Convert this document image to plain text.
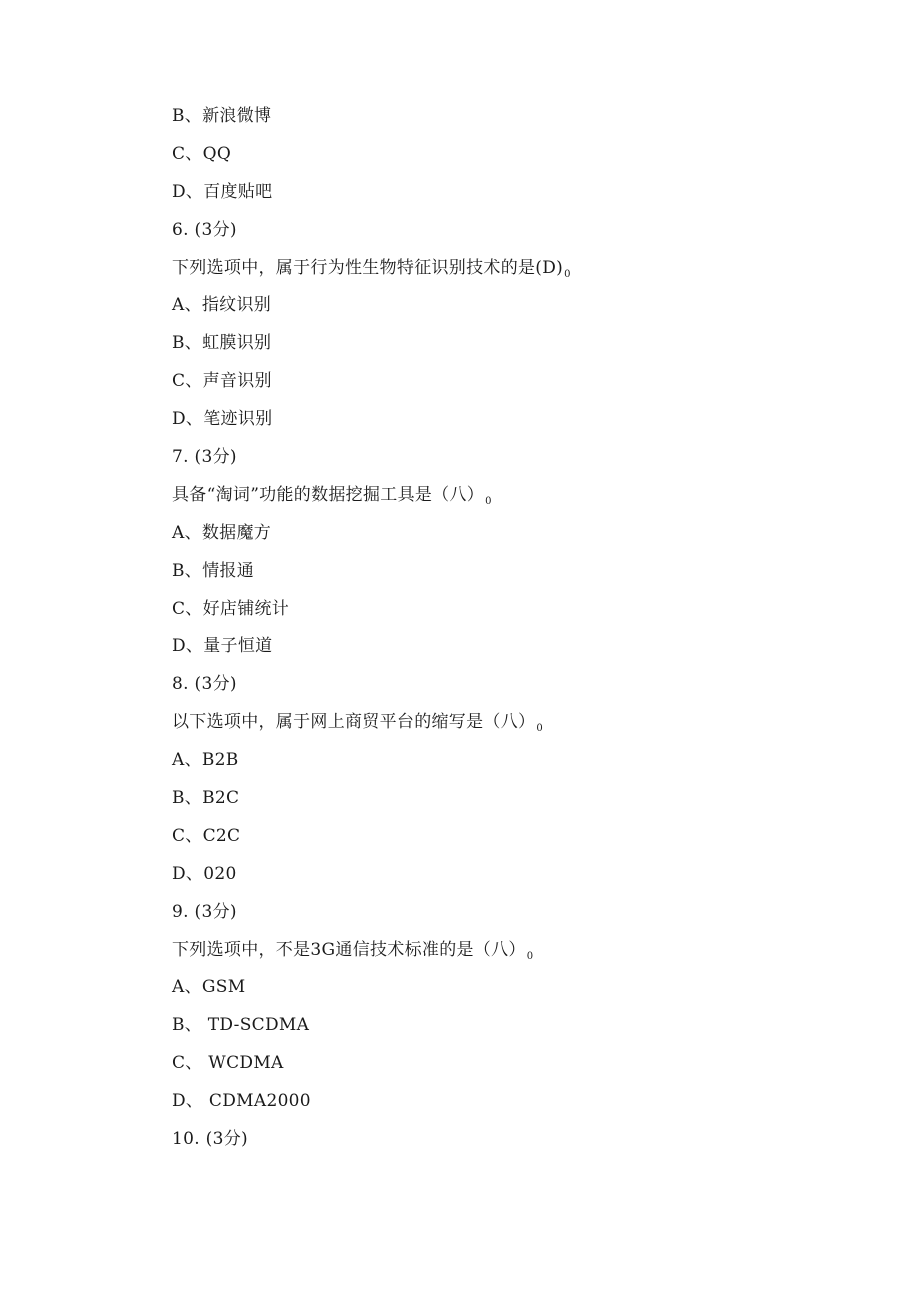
B、新浪微博
C、QQ
D、百度贴吧
6. (3分)
下列选项中，属于行为性生物特征识别技术的是$(D)_0$
A、指纹识别
B、虹膜识别
C、声音识别
D、笔迹识别
7. (3分)
具备“淘词”功能的数据挖掘工具是（八）$_0$
A、数据魔方
B、情报通
C、好店铺统计
D、量子恒道
8. (3分)
以下选项中，属于网上商贸平台的缩写是（八）$_0$
A、B2B
B、B2C
C、C2C
D、020
9. (3分)
下列选项中，不是3G通信技术标准的是（八）$_0$
A、GSM
B、 TD-SCDMA
C、 WCDMA
D、 CDMA2000
10. (3分)
